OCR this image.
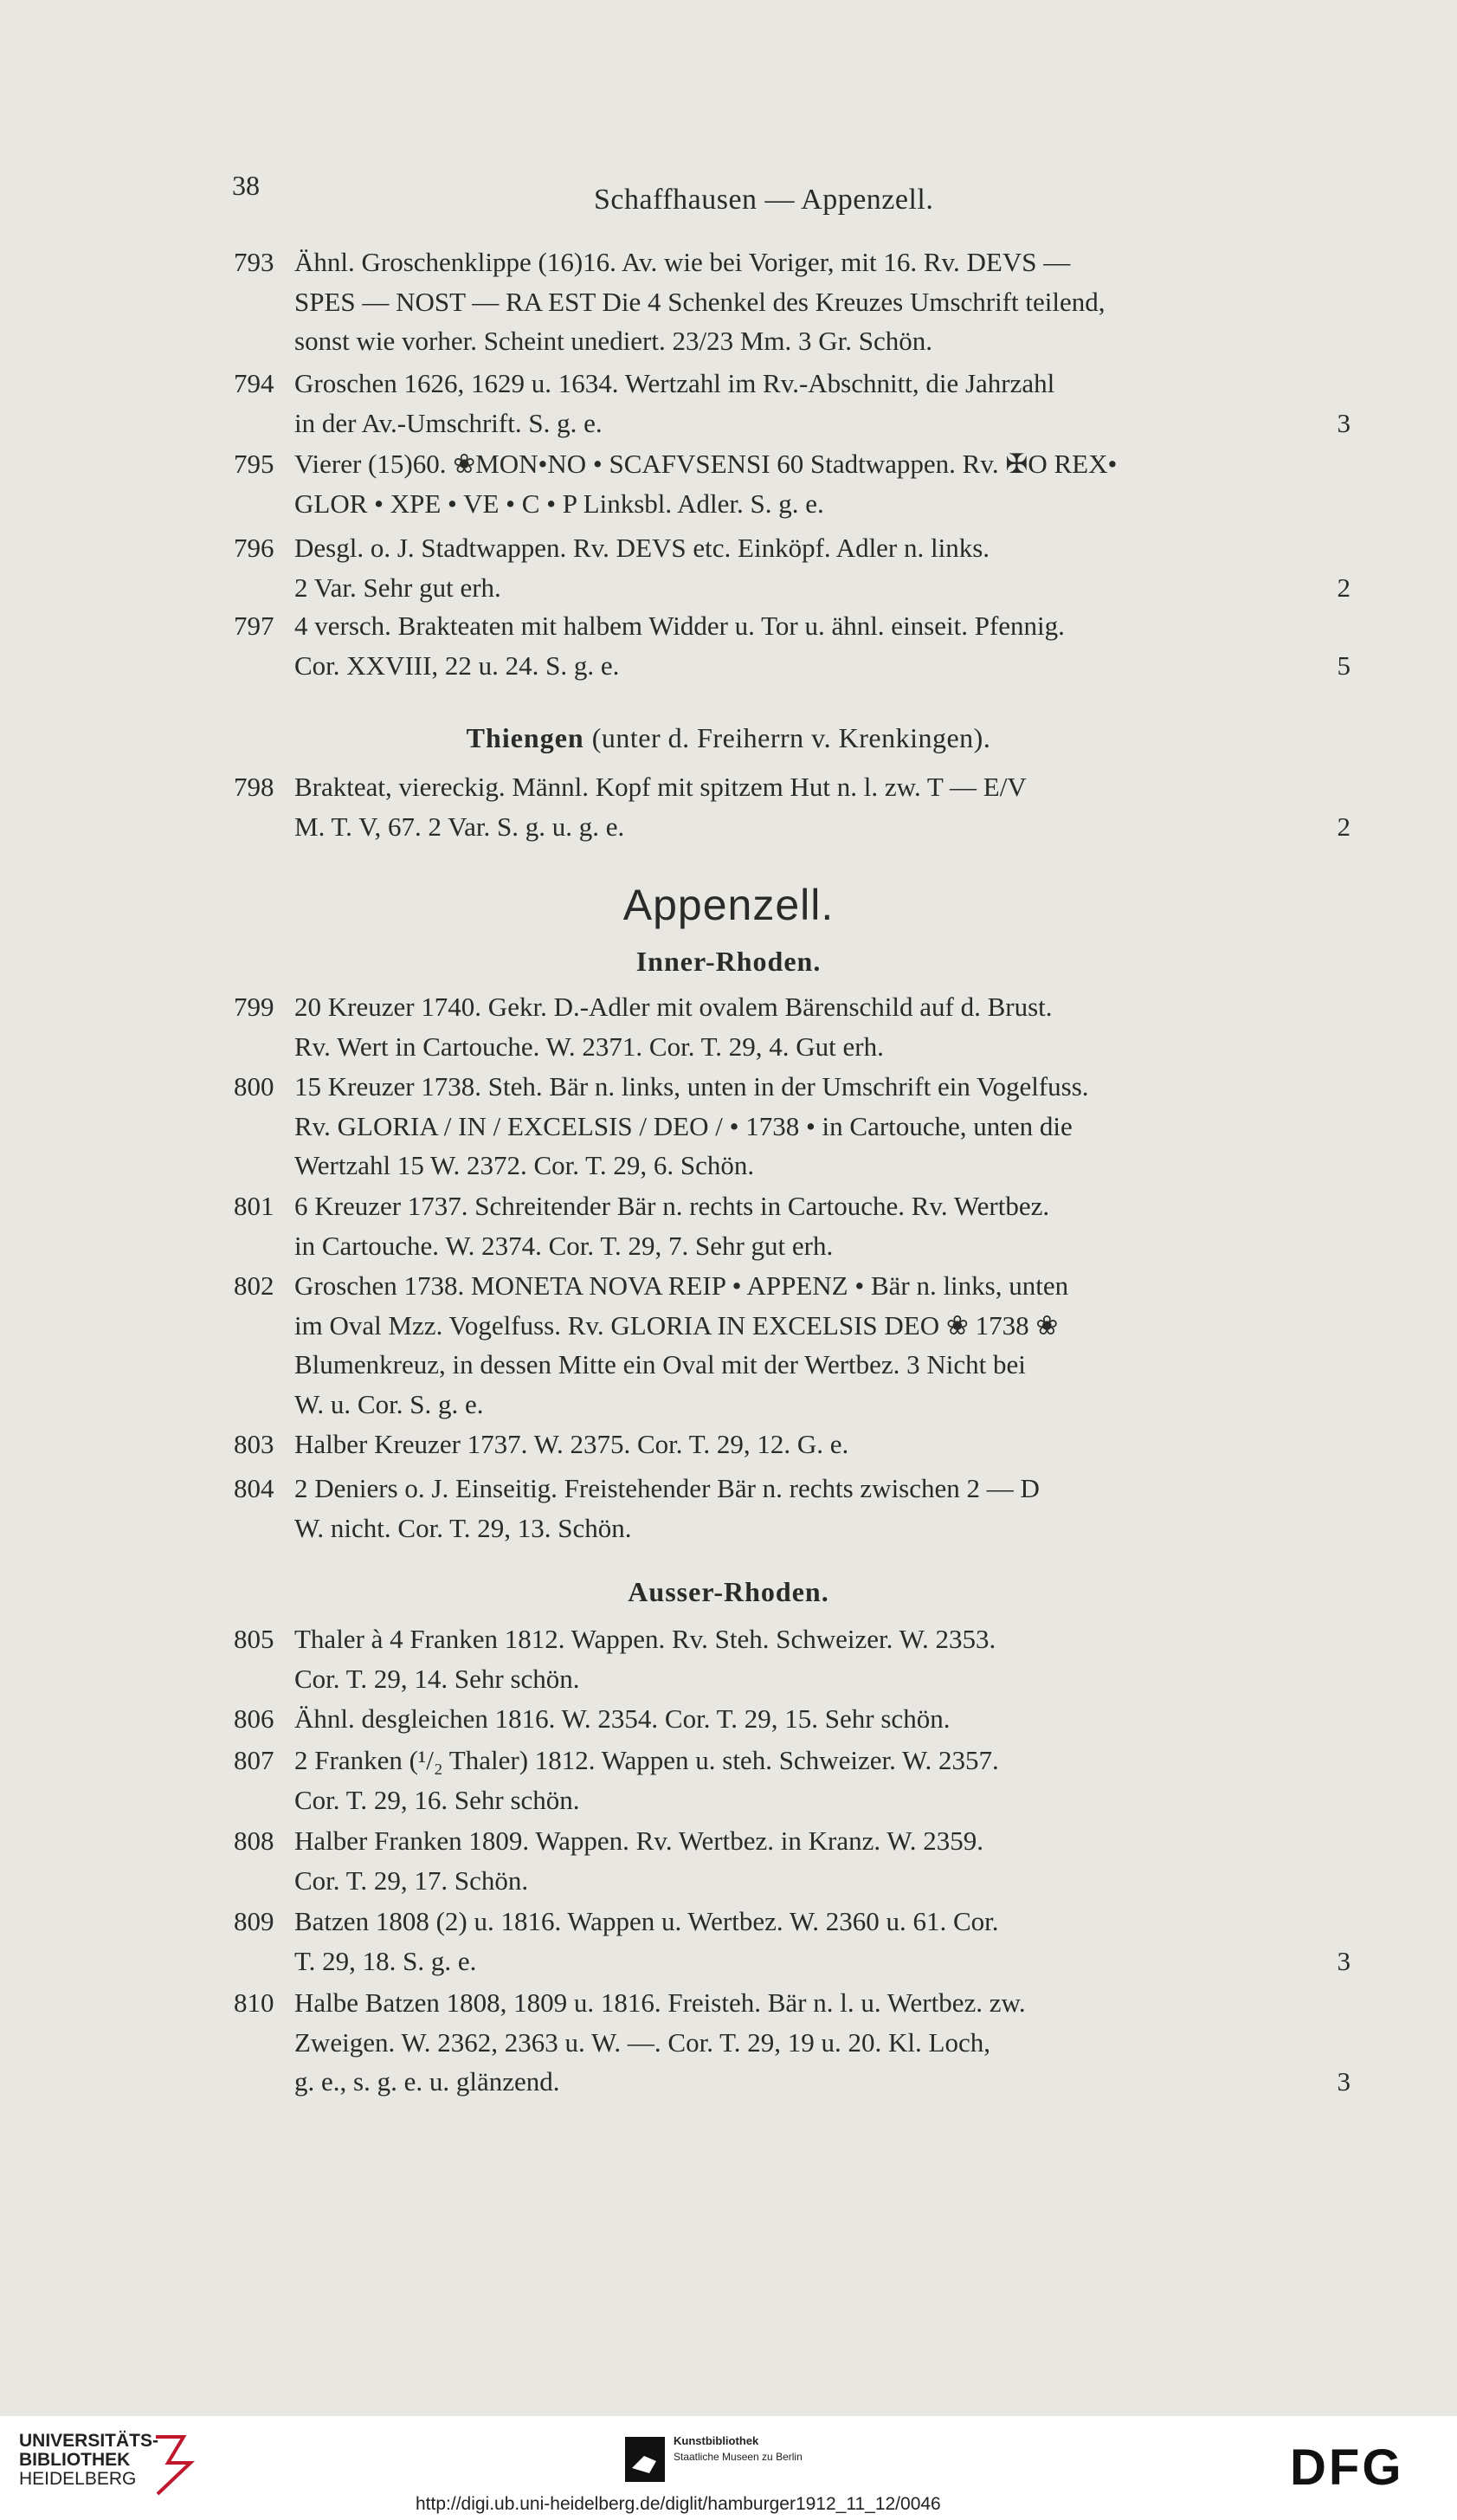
38	Schaffhausen — Appenzell.
793 Ähnl. Groschenklippe (16)16. Av. wie bei Voriger, mit 16. Rv. DEVS —
SPES — NOST — RA EST Die 4 Schenkel des Kreuzes Umschrift teilend,
sonst wie vorher. Scheint unediert. 23/23 Mm. 3 Gr. Schön.
794 Groschen 1626, 1629 u. 1634. Wertzahl im Rv.-Abschnitt, die Jahrzahl
in der Av.-Umschrift. S. g. e.	3
795 Vierer (15)60. ❀MON•NO • SCAFVSENSI 60 Stadtwappen. Rv. ✠O REX•
GLOR • XPE • VE • C • P Linksbl. Adler. S. g. e.
796 Desgl. o. J. Stadtwappen. Rv. DEVS etc. Einköpf. Adler n. links.
2 Var. Sehr gut erh.	2
797 4 versch. Brakteaten mit halbem Widder u. Tor u. ähnl. einseit. Pfennig.
Cor. XXVIII, 22 u. 24. S. g. e.	5
Thiengen (unter d. Freiherrn v. Krenkingen).
798 Brakteat, viereckig. Männl. Kopf mit spitzem Hut n. l. zw. T — E/V
M. T. V, 67. 2 Var. S. g. u. g. e.	2
Appenzell.
Inner-Rhoden.
799 20 Kreuzer 1740. Gekr. D.-Adler mit ovalem Bärenschild auf d. Brust.
Rv. Wert in Cartouche. W. 2371. Cor. T. 29, 4. Gut erh.
800 15 Kreuzer 1738. Steh. Bär n. links, unten in der Umschrift ein Vogelfuss.
Rv. GLORIA / IN / EXCELSIS / DEO / • 1738 • in Cartouche, unten die
Wertzahl 15 W. 2372. Cor. T. 29, 6. Schön.
801 6 Kreuzer 1737. Schreitender Bär n. rechts in Cartouche. Rv. Wertbez.
in Cartouche. W. 2374. Cor. T. 29, 7. Sehr gut erh.
802 Groschen 1738. MONETA NOVA REIP • APPENZ • Bär n. links, unten
im Oval Mzz. Vogelfuss. Rv. GLORIA IN EXCELSIS DEO ❀ 1738 ❀
Blumenkreuz, in dessen Mitte ein Oval mit der Wertbez. 3 Nicht bei
W. u. Cor. S. g. e.
803 Halber Kreuzer 1737. W. 2375. Cor. T. 29, 12. G. e.
804 2 Deniers o. J. Einseitig. Freistehender Bär n. rechts zwischen 2 — D
W. nicht. Cor. T. 29, 13. Schön.
Ausser-Rhoden.
805 Thaler à 4 Franken 1812. Wappen. Rv. Steh. Schweizer. W. 2353.
Cor. T. 29, 14. Sehr schön.
806 Ähnl. desgleichen 1816. W. 2354. Cor. T. 29, 15. Sehr schön.
807 2 Franken (¹/₂ Thaler) 1812. Wappen u. steh. Schweizer. W. 2357.
Cor. T. 29, 16. Sehr schön.
808 Halber Franken 1809. Wappen. Rv. Wertbez. in Kranz. W. 2359.
Cor. T. 29, 17. Schön.
809 Batzen 1808 (2) u. 1816. Wappen u. Wertbez. W. 2360 u. 61. Cor.
T. 29, 18. S. g. e.	3
810 Halbe Batzen 1808, 1809 u. 1816. Freisteh. Bär n. l. u. Wertbez. zw.
Zweigen. W. 2362, 2363 u. W. —. Cor. T. 29, 19 u. 20. Kl. Loch,
g. e., s. g. e. u. glänzend.	3
UNIVERSITÄTS-
BIBLIOTHEK
HEIDELBERG
Kunstbibliothek
Staatliche Museen zu Berlin	DFG
http://digi.ub.uni-heidelberg.de/diglit/hamburger1912_11_12/0046
